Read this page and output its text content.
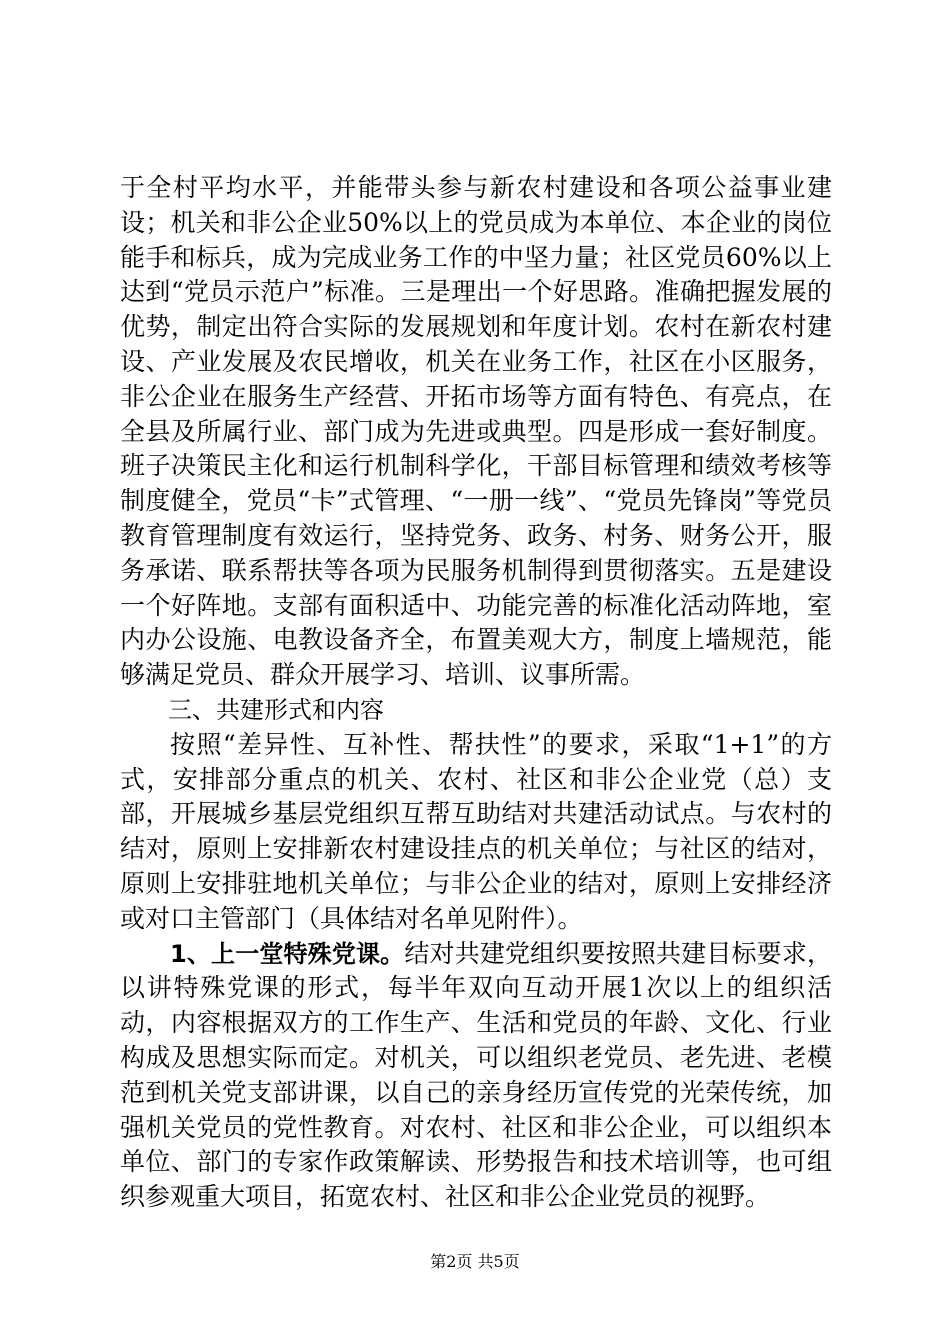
于全村平均水平，并能带头参与新农村建设和各项公益事业建设；机关和非公企业50%以上的党员成为本单位、本企业的岗位能手和标兵，成为完成业务工作的中坚力量；社区党员60%以上达到“党员示范户”标准。三是理出一个好思路。准确把握发展的优势，制定出符合实际的发展规划和年度计划。农村在新农村建设、产业发展及农民增收，机关在业务工作，社区在小区服务，非公企业在服务生产经营、开拓市场等方面有特色、有亮点，在全县及所属行业、部门成为先进或典型。四是形成一套好制度。班子决策民主化和运行机制科学化，干部目标管理和绩效考核等制度健全，党员“卡”式管理、“一册一线”、“党员先锋岗”等党员教育管理制度有效运行，坚持党务、政务、村务、财务公开，服务承诺、联系帮扶等各项为民服务机制得到贯彻落实。五是建设一个好阵地。支部有面积适中、功能完善的标准化活动阵地，室内办公设施、电教设备齐全，布置美观大方，制度上墙规范，能够满足党员、群众开展学习、培训、议事所需。

三、共建形式和内容

按照“差异性、互补性、帮扶性”的要求，采取“1+1”的方式，安排部分重点的机关、农村、社区和非公企业党（总）支部，开展城乡基层党组织互帮互助结对共建活动试点。与农村的结对，原则上安排新农村建设挂点的机关单位；与社区的结对，原则上安排驻地机关单位；与非公企业的结对，原则上安排经济或对口主管部门（具体结对名单见附件）。

1、上一堂特殊党课。结对共建党组织要按照共建目标要求，以讲特殊党课的形式，每半年双向互动开展1次以上的组织活动，内容根据双方的工作生产、生活和党员的年龄、文化、行业构成及思想实际而定。对机关，可以组织老党员、老先进、老模范到机关党支部讲课，以自己的亲身经历宣传党的光荣传统，加强机关党员的党性教育。对农村、社区和非公企业，可以组织本单位、部门的专家作政策解读、形势报告和技术培训等，也可组织参观重大项目，拓宽农村、社区和非公企业党员的视野。

第2页 共5页
